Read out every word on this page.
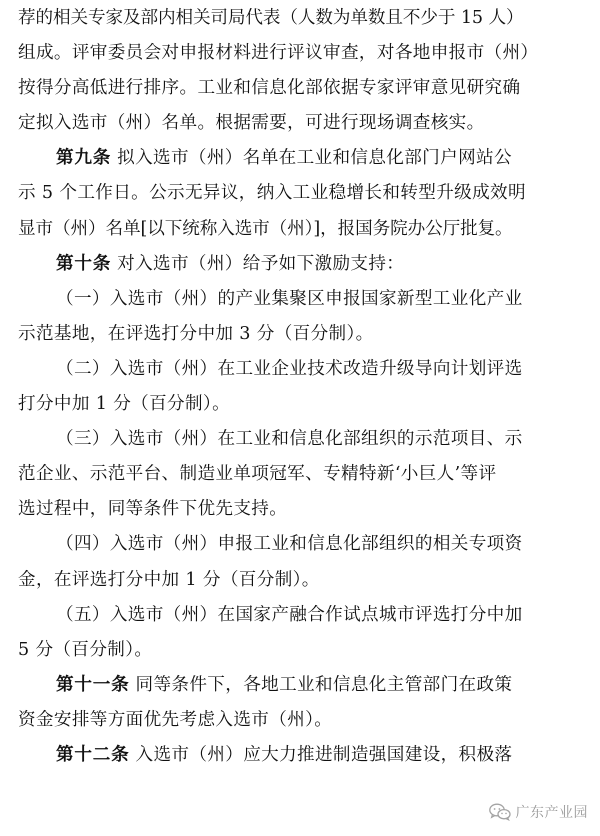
荐的相关专家及部内相关司局代表（人数为单数且不少于 15 人）
组成。评审委员会对申报材料进行评议审查，对各地申报市（州）
按得分高低进行排序。工业和信息化部依据专家评审意见研究确
定拟入选市（州）名单。根据需要，可进行现场调查核实。
第九条 拟入选市（州）名单在工业和信息化部门户网站公
示 5 个工作日。公示无异议，纳入工业稳增长和转型升级成效明
显市（州）名单[以下统称入选市（州）]，报国务院办公厅批复。
第十条 对入选市（州）给予如下激励支持：
（一）入选市（州）的产业集聚区申报国家新型工业化产业
示范基地，在评选打分中加 3 分（百分制）。
（二）入选市（州）在工业企业技术改造升级导向计划评选
打分中加 1 分（百分制）。
（三）入选市（州）在工业和信息化部组织的示范项目、示
范企业、示范平台、制造业单项冠军、专精特新‘小巨人’等评
选过程中，同等条件下优先支持。
（四）入选市（州）申报工业和信息化部组织的相关专项资
金，在评选打分中加 1 分（百分制）。
（五）入选市（州）在国家产融合作试点城市评选打分中加
5 分（百分制）。
第十一条 同等条件下，各地工业和信息化主管部门在政策
资金安排等方面优先考虑入选市（州）。
第十二条 入选市（州）应大力推进制造强国建设，积极落
广东产业园
